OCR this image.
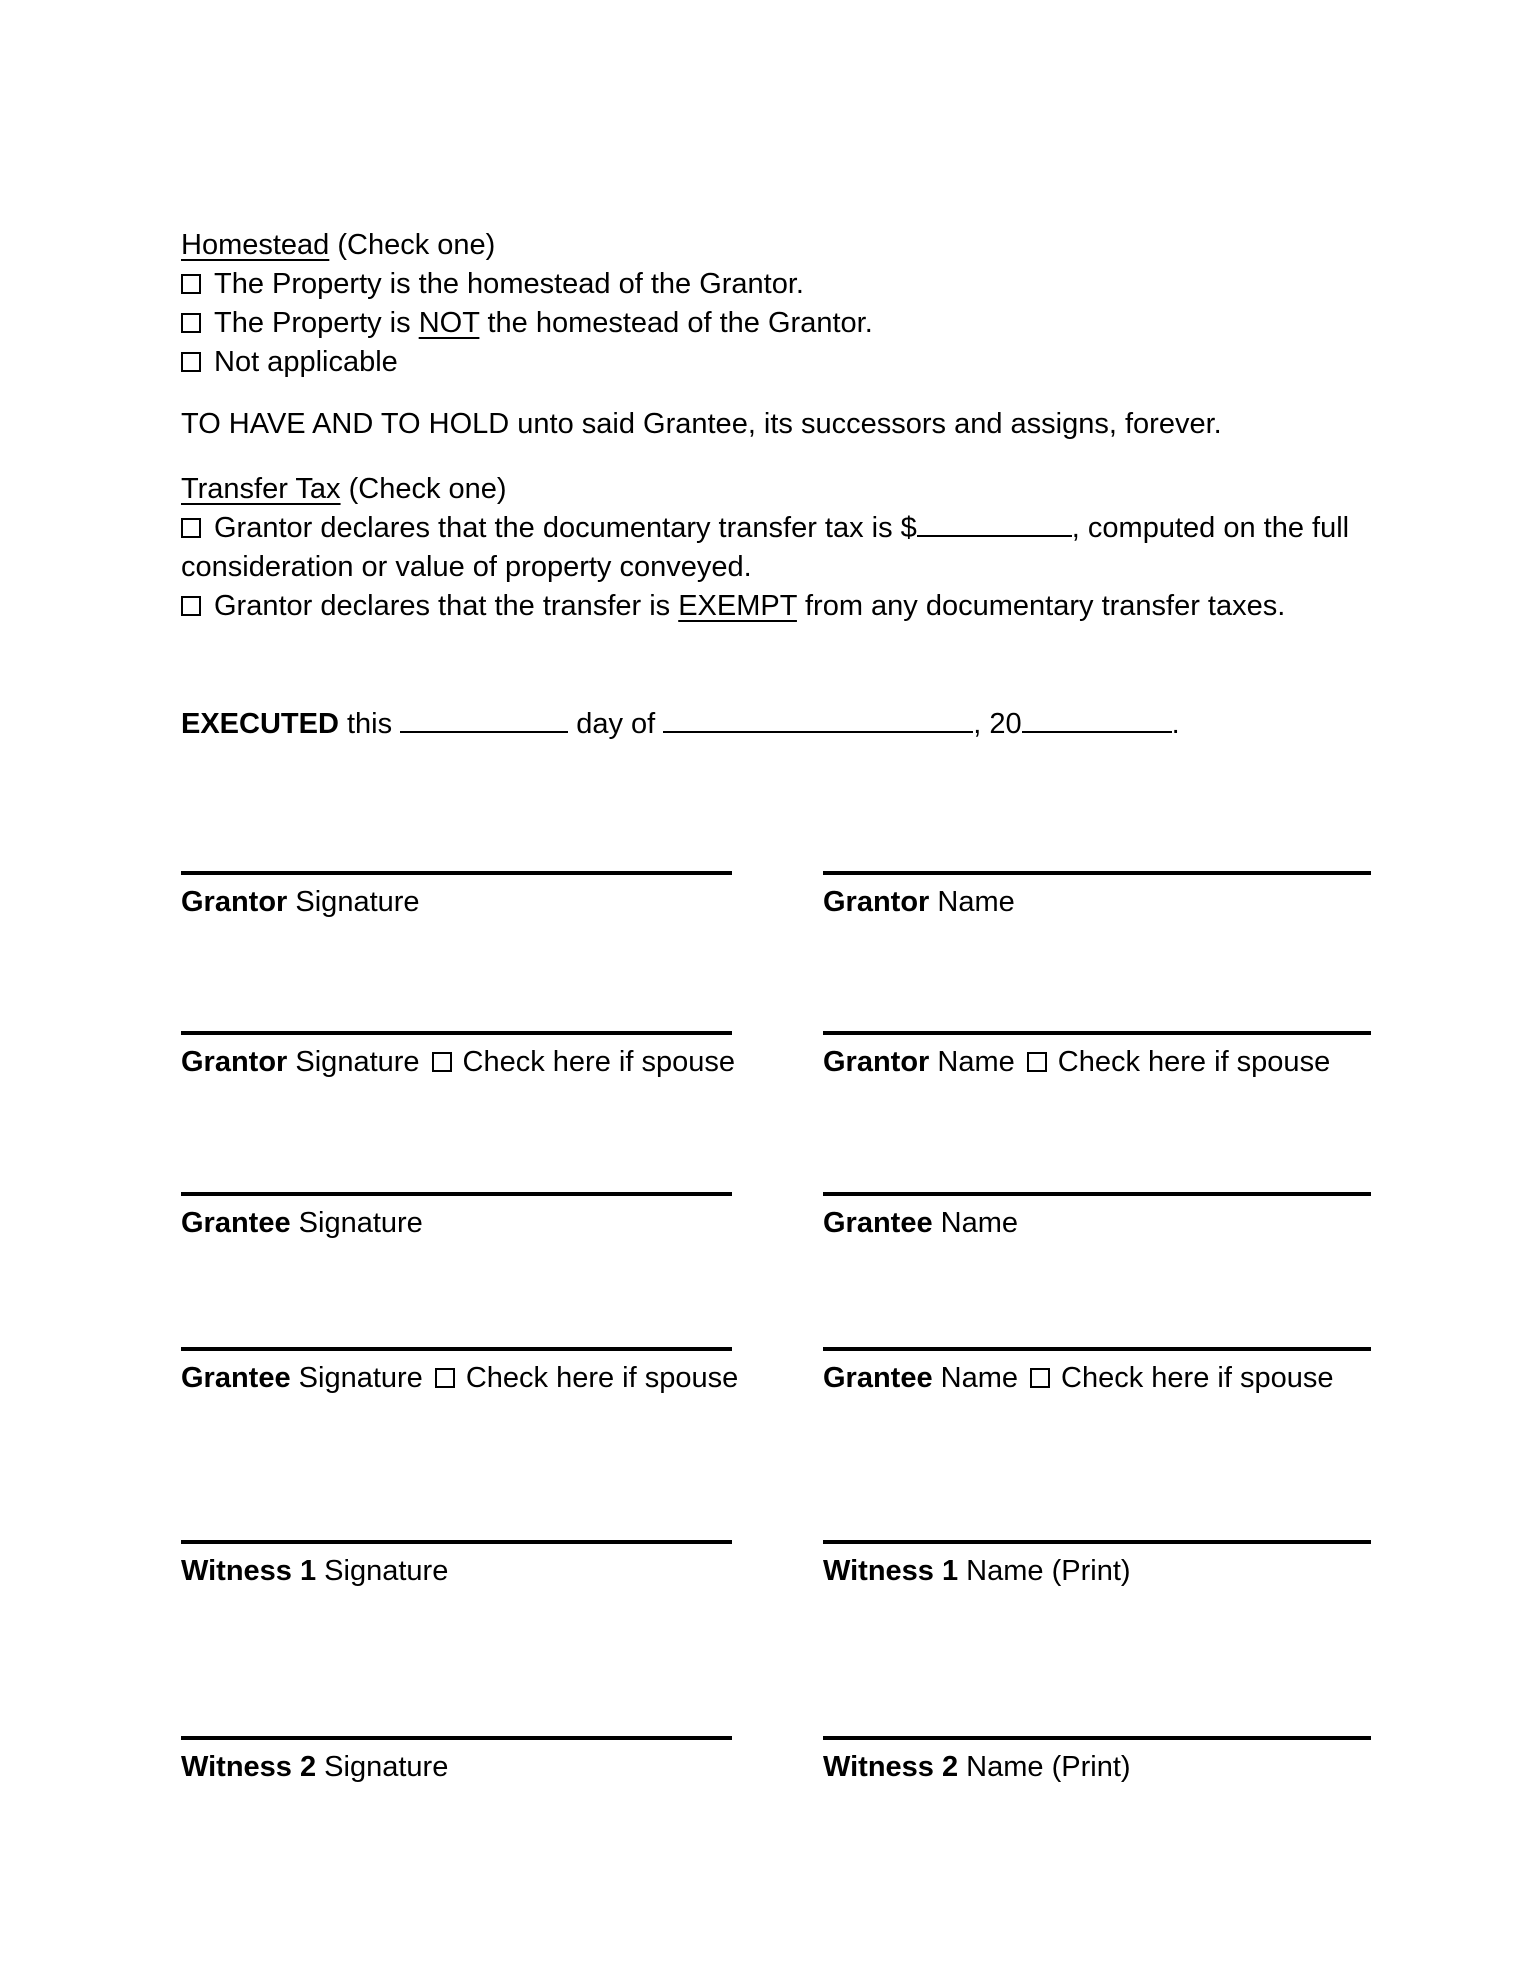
Homestead (Check one)
The Property is the homestead of the Grantor.
The Property is NOT the homestead of the Grantor.
Not applicable
TO HAVE AND TO HOLD unto said Grantee, its successors and assigns, forever.
Transfer Tax (Check one)
Grantor declares that the documentary transfer tax is $	, computed on the full consideration or value of property conveyed.
Grantor declares that the transfer is EXEMPT from any documentary transfer taxes.
EXECUTED this	day of	, 20	.
Grantor Signature	Grantor Name
Grantor Signature Check here if spouse	Grantor Name Check here if spouse
Grantee Signature	Grantee Name
Grantee Signature Check here if spouse	Grantee Name Check here if spouse
Witness 1 Signature	Witness 1 Name (Print)
Witness 2 Signature	Witness 2 Name (Print)
